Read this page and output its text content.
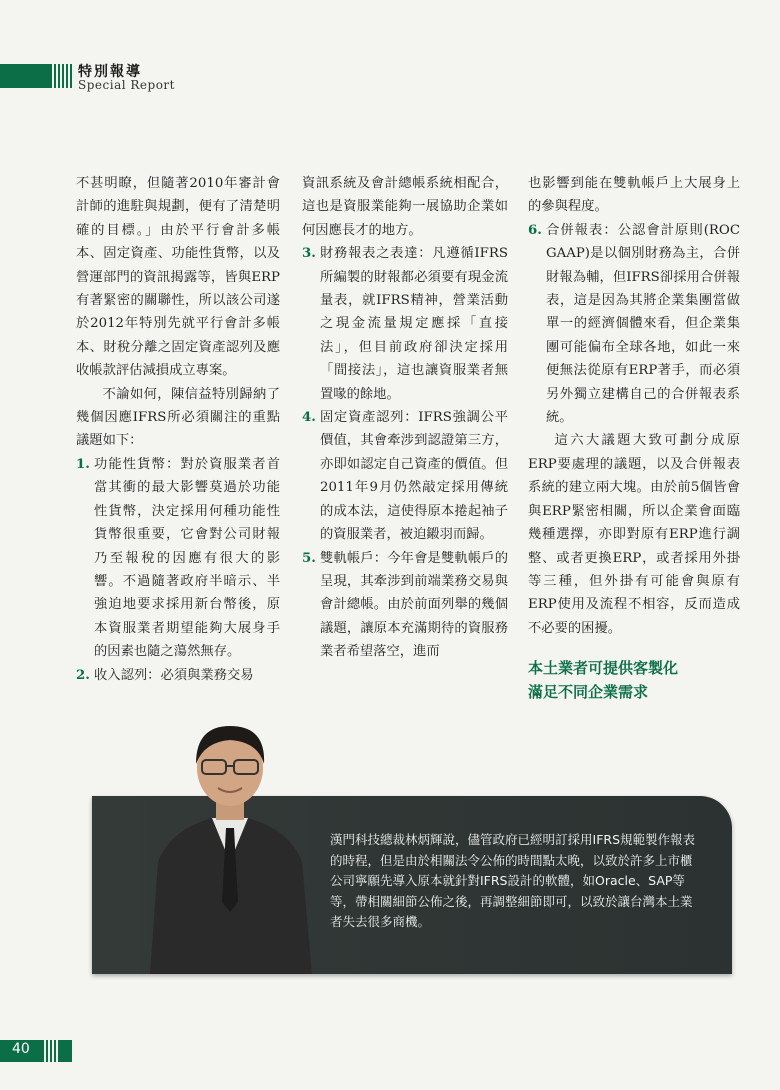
特別報導
Special Report

不甚明瞭，但隨著2010年審計會計師的進駐與規劃，便有了清楚明確的目標。」由於平行會計多帳本、固定資產、功能性貨幣，以及營運部門的資訊揭露等，皆與ERP有著緊密的關聯性，所以該公司遂於2012年特別先就平行會計多帳本、財稅分離之固定資產認列及應收帳款評估減損成立專案。

不論如何，陳信益特別歸納了幾個因應IFRS所必須關注的重點議題如下：

1. 功能性貨幣：對於資服業者首當其衝的最大影響莫過於功能性貨幣，決定採用何種功能性貨幣很重要，它會對公司財報乃至報稅的因應有很大的影響。不過隨著政府半暗示、半強迫地要求採用新台幣後，原本資服業者期望能夠大展身手的因素也隨之蕩然無存。
2. 收入認列：必須與業務交易

資訊系統及會計總帳系統相配合，這也是資服業能夠一展協助企業如何因應長才的地方。

3. 財務報表之表達：凡遵循IFRS所編製的財報都必須要有現金流量表，就IFRS精神，營業活動之現金流量規定應採「直接法」，但目前政府卻決定採用「間接法」，這也讓資服業者無置喙的餘地。
4. 固定資產認列：IFRS強調公平價值，其會牽涉到認證第三方，亦即如認定自己資產的價值。但2011年9月仍然敲定採用傳統的成本法，這使得原本捲起袖子的資服業者，被迫鎩羽而歸。
5. 雙軌帳戶：今年會是雙軌帳戶的呈現，其牽涉到前端業務交易與會計總帳。由於前面列舉的幾個議題，讓原本充滿期待的資服務業者希望落空，進而

也影響到能在雙軌帳戶上大展身上的參與程度。

6. 合併報表：公認會計原則(ROC GAAP)是以個別財務為主，合併財報為輔，但IFRS卻採用合併報表，這是因為其將企業集團當做單一的經濟個體來看，但企業集團可能偏布全球各地，如此一來便無法從原有ERP著手，而必須另外獨立建構自己的合併報表系統。

這六大議題大致可劃分成原ERP要處理的議題，以及合併報表系統的建立兩大塊。由於前5個皆會與ERP緊密相關，所以企業會面臨幾種選擇，亦即對原有ERP進行調整、或者更換ERP，或者採用外掛等三種，但外掛有可能會與原有ERP使用及流程不相容，反而造成不必要的困擾。

本土業者可提供客製化
滿足不同企業需求
漢門科技總裁林炳輝說，儘管政府已經明訂採用IFRS規範製作報表的時程，但是由於相關法令公佈的時間點太晚，以致於許多上市櫃公司寧願先導入原本就針對IFRS設計的軟體，如Oracle、SAP等等，帶相關細節公佈之後，再調整細節即可，以致於讓台灣本土業者失去很多商機。
40
